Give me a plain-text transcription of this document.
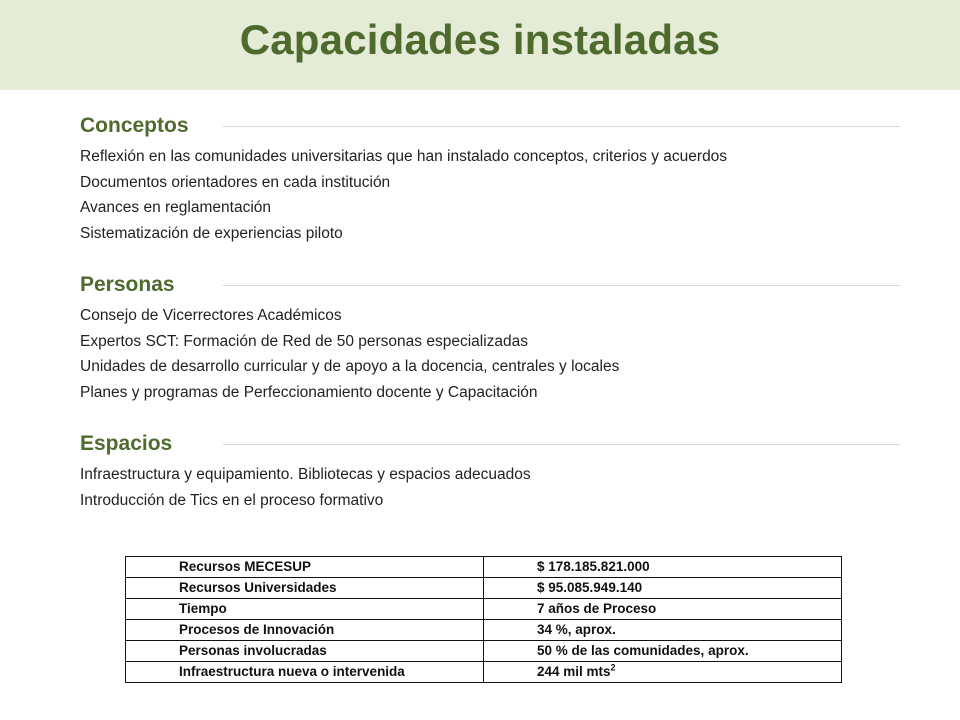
Capacidades instaladas
Conceptos
Reflexión en las comunidades universitarias que han instalado conceptos, criterios y acuerdos
Documentos orientadores en cada institución
Avances en reglamentación
Sistematización de experiencias piloto
Personas
Consejo de Vicerrectores Académicos
Expertos SCT: Formación de Red de 50 personas especializadas
Unidades de desarrollo curricular y de apoyo a la docencia, centrales y locales
Planes y programas de Perfeccionamiento docente y Capacitación
Espacios
Infraestructura y equipamiento. Bibliotecas y espacios adecuados
Introducción de Tics en el proceso formativo
Recursos MECESUP	$ 178.185.821.000
Recursos Universidades	$ 95.085.949.140
Tiempo	7 años de Proceso
Procesos de Innovación	34 %, aprox.
Personas involucradas	50 % de las comunidades, aprox.
Infraestructura nueva o intervenida	244 mil mts$^2$
